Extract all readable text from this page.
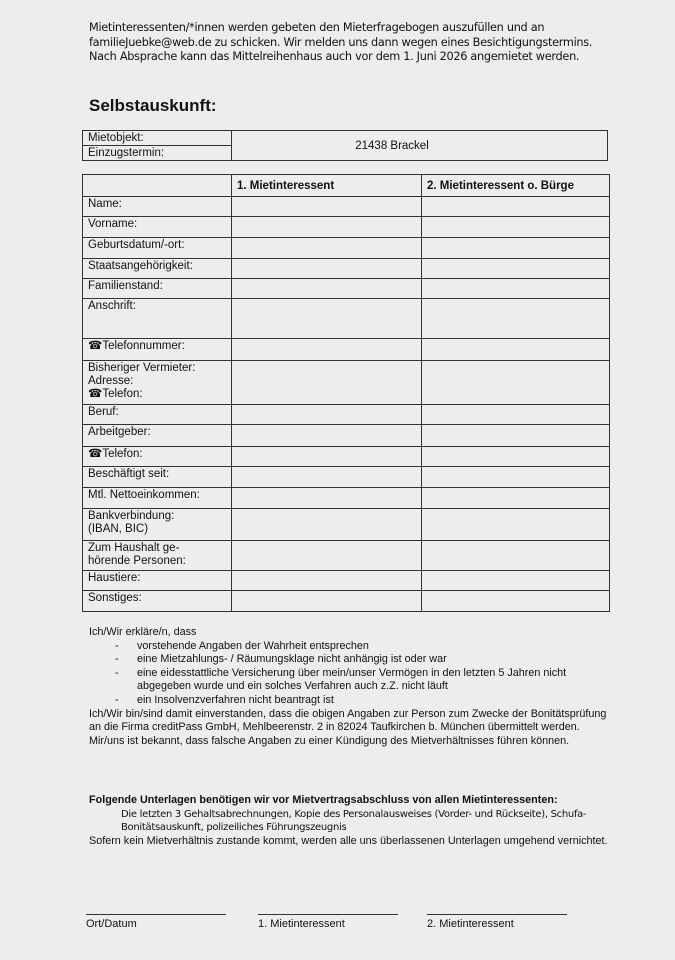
Mietinteressenten/*innen werden gebeten den Mieterfragebogen auszufüllen und an
familieJuebke@web.de zu schicken. Wir melden uns dann wegen eines Besichtigungstermins.
Nach Absprache kann das Mittelreihenhaus auch vor dem 1. Juni 2026 angemietet werden.
Selbstauskunft:
Mietobjekt:	21438 Brackel
Einzugstermin:
	1. Mietinteressent	2. Mietinteressent o. Bürge
Name:		
Vorname:		
Geburtsdatum/-ort:		
Staatsangehörigkeit:		
Familienstand:		
Anschrift:		
☎Telefonnummer:		
Bisheriger Vermieter:
Adresse:
☎Telefon:		
Beruf:		
Arbeitgeber:		
☎Telefon:		
Beschäftigt seit:		
Mtl. Nettoeinkommen:		
Bankverbindung:
(IBAN, BIC)		
Zum Haushalt ge-
hörende Personen:		
Haustiere:		
Sonstiges:		
Ich/Wir erkläre/n, dass
- vorstehende Angaben der Wahrheit entsprechen
- eine Mietzahlungs- / Räumungsklage nicht anhängig ist oder war
- eine eidesstattliche Versicherung über mein/unser Vermögen in den letzten 5 Jahren nicht abgegeben wurde und ein solches Verfahren auch z.Z. nicht läuft
- ein Insolvenzverfahren nicht beantragt ist
Ich/Wir bin/sind damit einverstanden, dass die obigen Angaben zur Person zum Zwecke der Bonitätsprüfung an die Firma creditPass GmbH, Mehlbeerenstr. 2 in 82024 Taufkirchen b. München übermittelt werden.
Mir/uns ist bekannt, dass falsche Angaben zu einer Kündigung des Mietverhältnisses führen können.
Folgende Unterlagen benötigen wir vor Mietvertragsabschluss von allen Mietinteressenten:
Die letzten 3 Gehaltsabrechnungen, Kopie des Personalausweises (Vorder- und Rückseite), Schufa-Bonitätsauskunft, polizeiliches Führungszeugnis
Sofern kein Mietverhältnis zustande kommt, werden alle uns überlassenen Unterlagen umgehend vernichtet.
Ort/Datum	1. Mietinteressent	2. Mietinteressent
